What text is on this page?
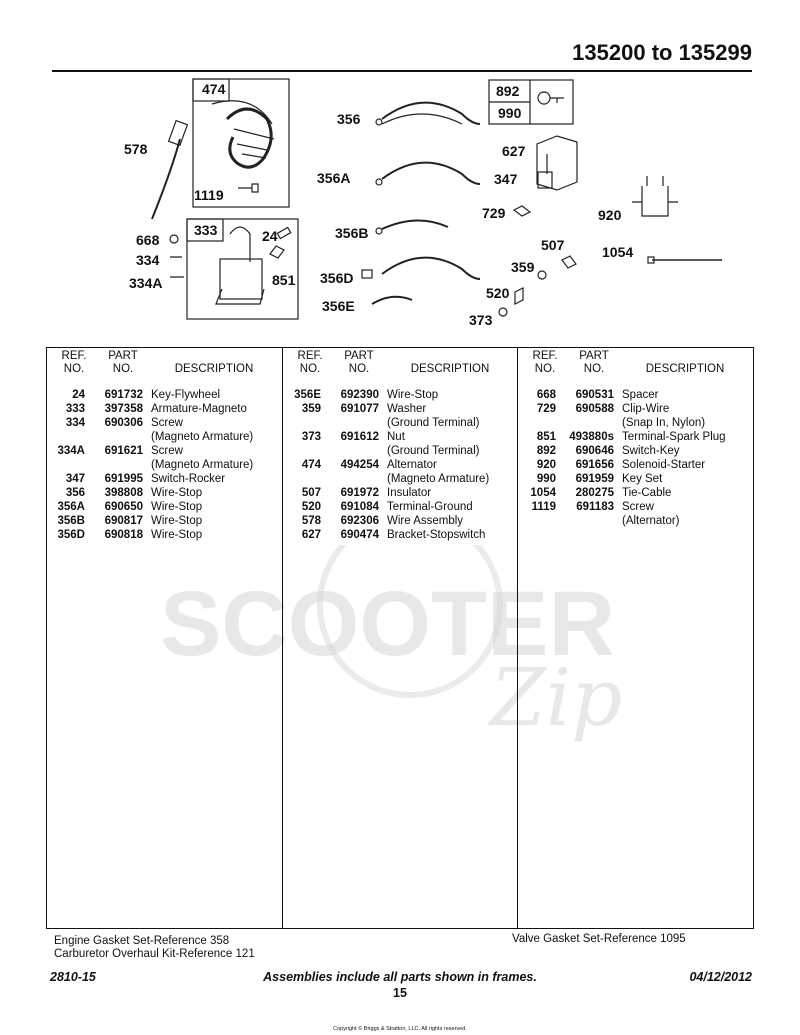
135200 to 135299
474
578
1119
333	24
851
668
334
334A
356
356A
356B
356D
356E
892
990
627
347
729	920
507
359
1054
520
373
SCOOTER
Zip
REF.
NO.
PART
NO.	DESCRIPTION
24	691732 Key-Flywheel
333	397358 Armature-Magneto
334	690306 Screw
(Magneto Armature)
334A	691621 Screw
(Magneto Armature)
347	691995 Switch-Rocker
356	398808 Wire-Stop
356A	690650 Wire-Stop
356B	690817 Wire-Stop
356D	690818 Wire-Stop
REF.
NO.
PART
NO.	DESCRIPTION
356E	692390 Wire-Stop
359	691077 Washer
(Ground Terminal)
373	691612 Nut
(Ground Terminal)
474	494254 Alternator
(Magneto Armature)
507	691972 Insulator
520	691084 Terminal-Ground
578	692306 Wire Assembly
627	690474 Bracket-Stopswitch
REF.
NO.
PART
NO.	DESCRIPTION
668	690531 Spacer
729	690588 Clip-Wire
(Snap In, Nylon)
851	493880s Terminal-Spark Plug
892	690646 Switch-Key
920	691656 Solenoid-Starter
990	691959 Key Set
1054	280275 Tie-Cable
1119	691183 Screw
(Alternator)
Engine Gasket Set-Reference 358
Carburetor Overhaul Kit-Reference 121
Valve Gasket Set-Reference 1095
2810-15	Assemblies include all parts shown in frames.	04/12/2012
15
Copyright © Briggs & Stratton, LLC. All rights reserved.
